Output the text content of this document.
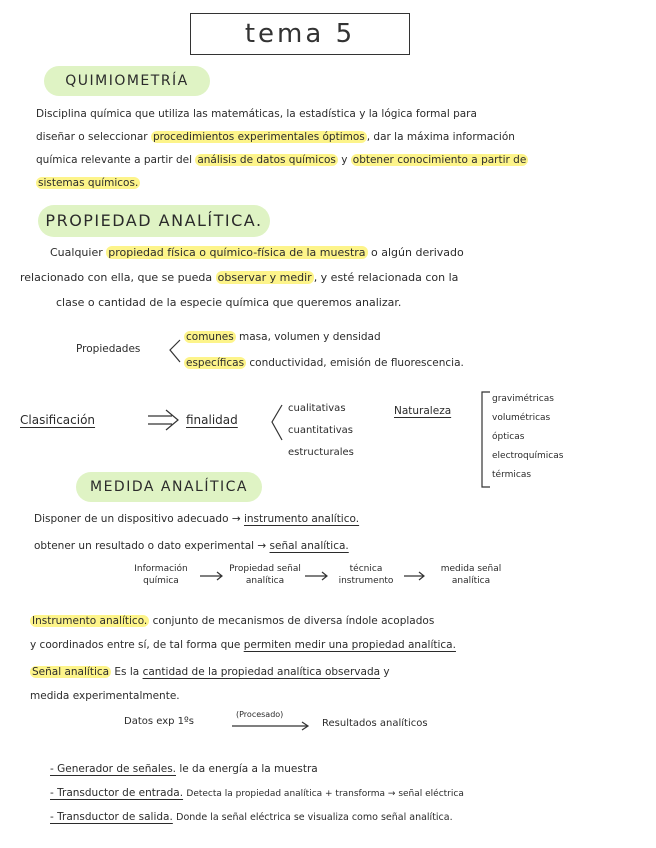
tema 5
QUIMIOMETRÍA
Disciplina química que utiliza las matemáticas, la estadística y la lógica formal para
diseñar o seleccionar procedimientos experimentales óptimos , dar la máxima información
química relevante a partir del análisis de datos químicos y obtener conocimiento a partir de
sistemas químicos.
PROPIEDAD ANALÍTICA.
Cualquier propiedad física o químico-física de la muestra o algún derivado
relacionado con ella, que se pueda observar y medir , y esté relacionada con la
clase o cantidad de la especie química que queremos analizar.
Propiedades
comunes masa, volumen y densidad
específicas conductividad, emisión de fluorescencia.
Clasificación	finalidad
cualitativas
cuantitativas
estructurales
Naturaleza
gravimétricas
volumétricas
ópticas
electroquímicas
térmicas
MEDIDA ANALÍTICA
Disponer de un dispositivo adecuado → instrumento analítico.
obtener un resultado o dato experimental → señal analítica.
Información química
Propiedad señal analítica
técnica instrumento
medida señal analítica
Instrumento analítico. conjunto de mecanismos de diversa índole acoplados
y coordinados entre sí, de tal forma que permiten medir una propiedad analítica.
Señal analítica Es la cantidad de la propiedad analítica observada y
medida experimentalmente.
Datos exp 1ºs
(Procesado)
Resultados analíticos
- Generador de señales. le da energía a la muestra
- Transductor de entrada. Detecta la propiedad analítica + transforma → señal eléctrica
- Transductor de salida. Donde la señal eléctrica se visualiza como señal analítica.
